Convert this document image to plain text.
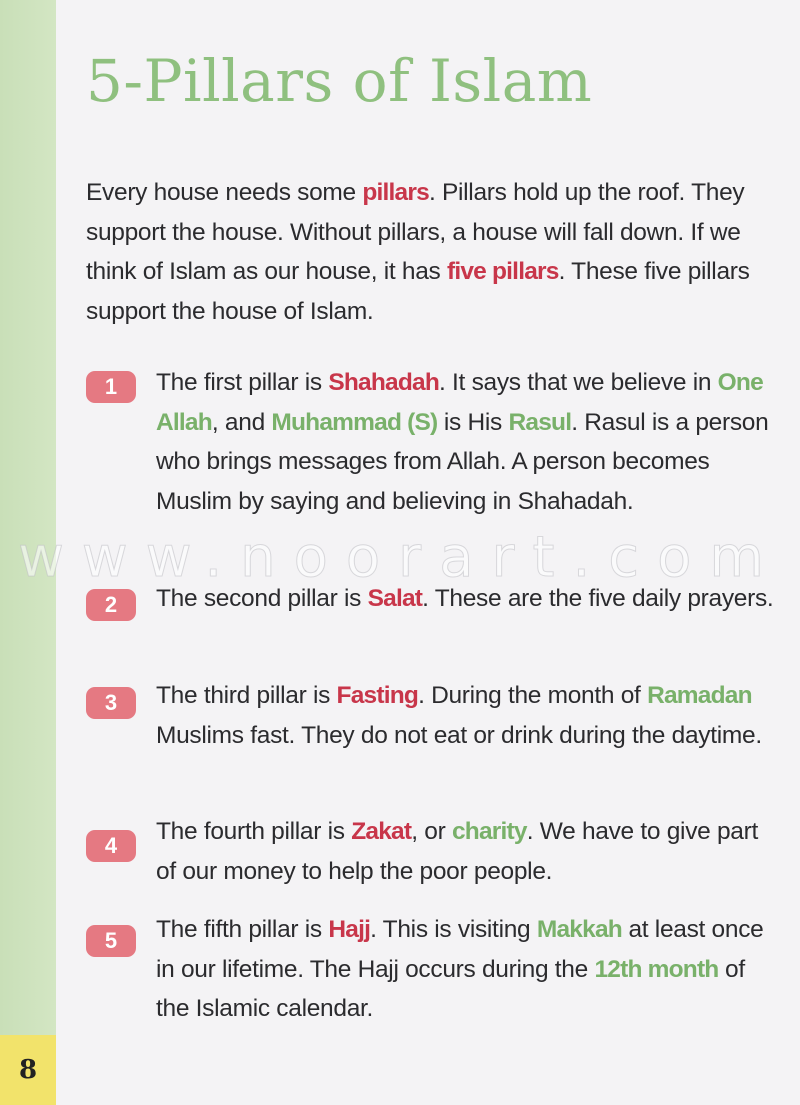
8
5-Pillars of Islam

Every house needs some pillars. Pillars hold up the roof. They support the house. Without pillars, a house will fall down. If we think of Islam as our house, it has five pillars. These five pillars support the house of Islam.

1 The first pillar is Shahadah. It says that we believe in One Allah, and Muhammad (S) is His Rasul. Rasul is a person who brings messages from Allah. A person becomes Muslim by saying and believing in Shahadah.

2 The second pillar is Salat. These are the five daily prayers.

3 The third pillar is Fasting. During the month of Ramadan Muslims fast. They do not eat or drink during the daytime.

4

The fourth pillar is Zakat, or charity. We have to give part of our money to help the poor people.

5 The fifth pillar is Hajj. This is visiting Makkah at least once in our lifetime. The Hajj occurs during the 12th month of the Islamic calendar.

www.noorart.com
